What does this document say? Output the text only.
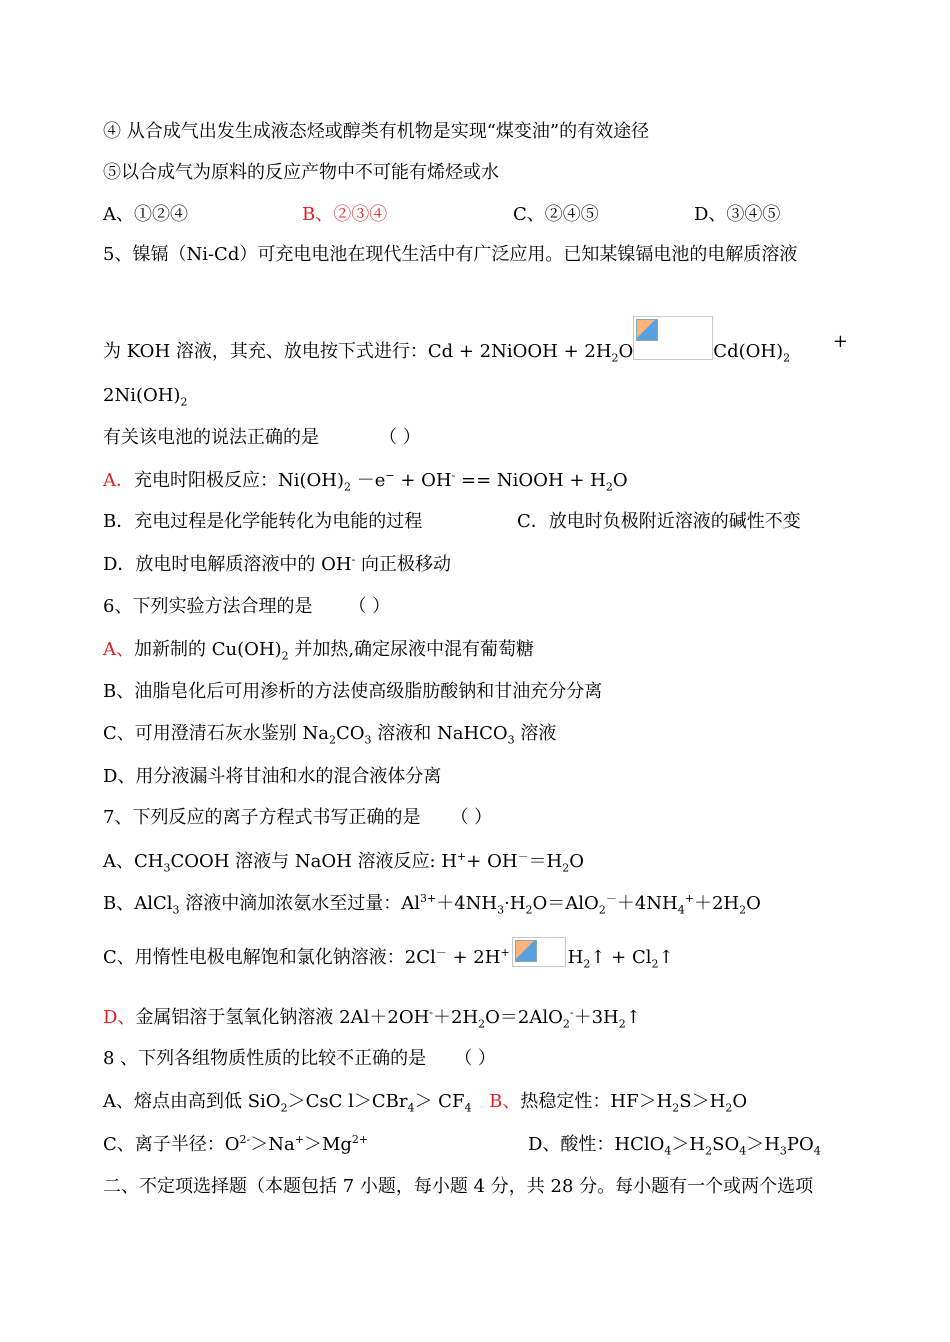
④ 从合成气出发生成液态烃或醇类有机物是实现“煤变油”的有效途径
⑤以合成气为原料的反应产物中不可能有烯烃或水
A、①②④	B、②③④	C、②④⑤	D、③④⑤
5、镍镉（Ni-Cd）可充电电池在现代生活中有广泛应用。已知某镍镉电池的电解质溶液
为 KOH 溶液，其充、放电按下式进行：Cd + 2NiOOH + $2H_2O$	$Cd(OH)_2$
+
$2Ni(OH)_2$
有关该电池的说法正确的是	（ ）
A．充电时阳极反应：$Ni(OH)_2 -e^- + OH^-$ == NiOOH + $H_2O$
B．充电过程是化学能转化为电能的过程	C．放电时负极附近溶液的碱性不变
D．放电时电解质溶液中的 OH- 向正极移动
6、下列实验方法合理的是 （ ）
A、加新制的 $Cu(OH)_2$ 并加热,确定尿液中混有葡萄糖
B、油脂皂化后可用渗析的方法使高级脂肪酸钠和甘油充分分离
C、可用澄清石灰水鉴别 $Na_2CO_3$ 溶液和 NaHCO$_3$ 溶液
D、用分液漏斗将甘油和水的混合液体分离
7、下列反应的离子方程式书写正确的是 （ ）
A、$CH_3COOH$ 溶液与 NaOH 溶液反应: $H^++ OH^-=H_2O$
B、AlCl$_3$ 溶液中滴加浓氨水至过量：$Al^{3+}+4NH_3\cdot H_2O=AlO_2^-+4NH_4^++2H_2O$
C、用惰性电极电解饱和氯化钠溶液：2Cl－ + 2H+	$H_2↑$ + $Cl_2↑$
D、金属铝溶于氢氧化钠溶液 $2Al+2OH^-+2H_2O=2AlO_2^-+3H_2↑$
8 、下列各组物质性质的比较不正确的是 （ ）
A、熔点由高到低 SiO$_2$＞CsC $l>CBr_4> CF_4$ B、热稳定性：$HF>H_2S>H_2O$
C、离子半径：$O^{2-}>Na^+>Mg^{2+}$	D、酸性：$HClO_4>H_2SO_4>H_3PO_4$
二、不定项选择题（本题包括 7 小题，每小题 4 分，共 28 分。每小题有一个或两个选项
